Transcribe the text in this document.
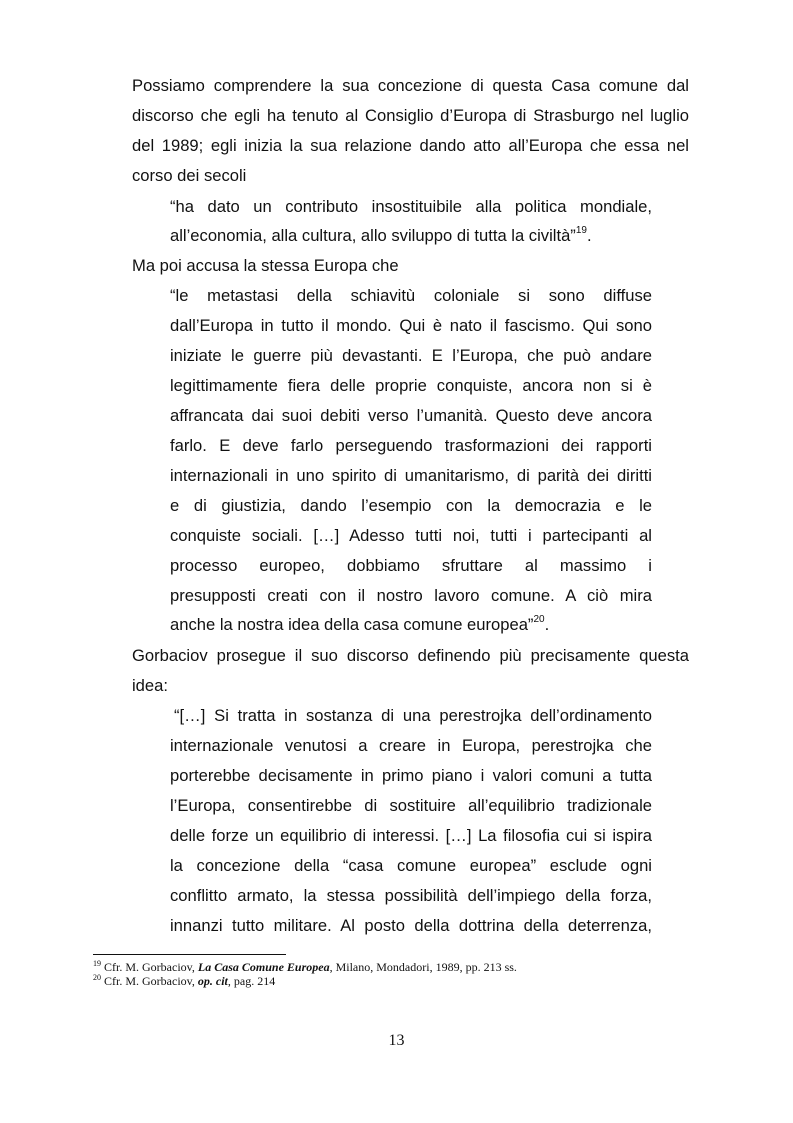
Possiamo comprendere la sua concezione di questa Casa comune dal
discorso che egli ha tenuto al Consiglio d’Europa di Strasburgo nel luglio
del 1989; egli inizia la sua relazione dando atto all’Europa che essa nel
corso dei secoli
“ha dato un contributo insostituibile alla politica mondiale,
all’economia, alla cultura, allo sviluppo di tutta la civiltà”$^{19}$.
Ma poi accusa la stessa Europa che
“le metastasi della schiavitù coloniale si sono diffuse
dall’Europa in tutto il mondo. Qui è nato il fascismo. Qui sono
iniziate le guerre più devastanti. E l’Europa, che può andare
legittimamente fiera delle proprie conquiste, ancora non si è
affrancata dai suoi debiti verso l’umanità. Questo deve ancora
farlo. E deve farlo perseguendo trasformazioni dei rapporti
internazionali in uno spirito di umanitarismo, di parità dei diritti
e di giustizia, dando l’esempio con la democrazia e le
conquiste sociali. […] Adesso tutti noi, tutti i partecipanti al
processo europeo, dobbiamo sfruttare al massimo i
presupposti creati con il nostro lavoro comune. A ciò mira
anche la nostra idea della casa comune europea”$^{20}$.
Gorbaciov prosegue il suo discorso definendo più precisamente questa
idea:
“[…] Si tratta in sostanza di una perestrojka dell’ordinamento
internazionale venutosi a creare in Europa, perestrojka che
porterebbe decisamente in primo piano i valori comuni a tutta
l’Europa, consentirebbe di sostituire all’equilibrio tradizionale
delle forze un equilibrio di interessi. […] La filosofia cui si ispira
la concezione della “casa comune europea” esclude ogni
conflitto armato, la stessa possibilità dell’impiego della forza,
innanzi tutto militare. Al posto della dottrina della deterrenza,
$^{19}$ Cfr. M. Gorbaciov, La Casa Comune Europea, Milano, Mondadori, 1989, pp. 213 ss.
$^{20}$ Cfr. M. Gorbaciov, op. cit, pag. 214
13
